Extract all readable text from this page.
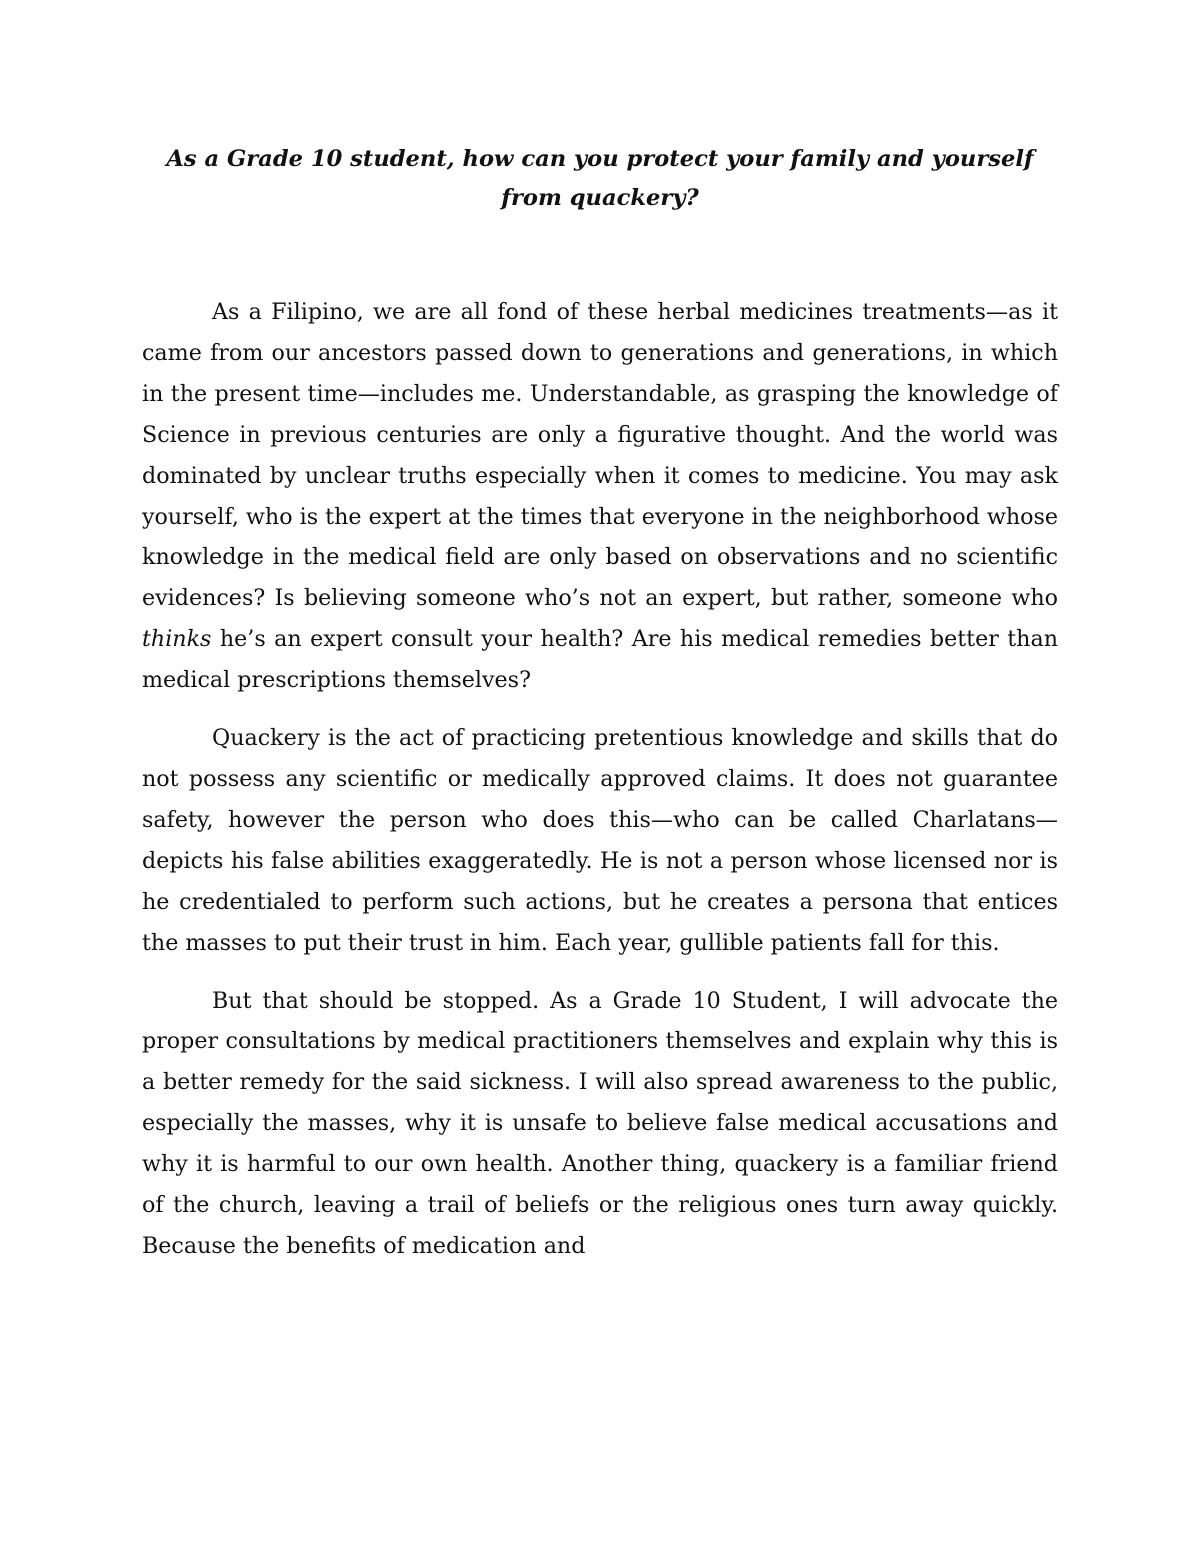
As a Grade 10 student, how can you protect your family and yourself from quackery?

As a Filipino, we are all fond of these herbal medicines treatments—as it came from our ancestors passed down to generations and generations, in which in the present time—includes me. Understandable, as grasping the knowledge of Science in previous centuries are only a figurative thought. And the world was dominated by unclear truths especially when it comes to medicine. You may ask yourself, who is the expert at the times that everyone in the neighborhood whose knowledge in the medical field are only based on observations and no scientific evidences? Is believing someone who’s not an expert, but rather, someone who thinks he’s an expert consult your health? Are his medical remedies better than medical prescriptions themselves?

Quackery is the act of practicing pretentious knowledge and skills that do not possess any scientific or medically approved claims. It does not guarantee safety, however the person who does this—who can be called Charlatans—depicts his false abilities exaggeratedly. He is not a person whose licensed nor is he credentialed to perform such actions, but he creates a persona that entices the masses to put their trust in him. Each year, gullible patients fall for this.

But that should be stopped. As a Grade 10 Student, I will advocate the proper consultations by medical practitioners themselves and explain why this is a better remedy for the said sickness. I will also spread awareness to the public, especially the masses, why it is unsafe to believe false medical accusations and why it is harmful to our own health. Another thing, quackery is a familiar friend of the church, leaving a trail of beliefs or the religious ones turn away quickly. Because the benefits of medication and
